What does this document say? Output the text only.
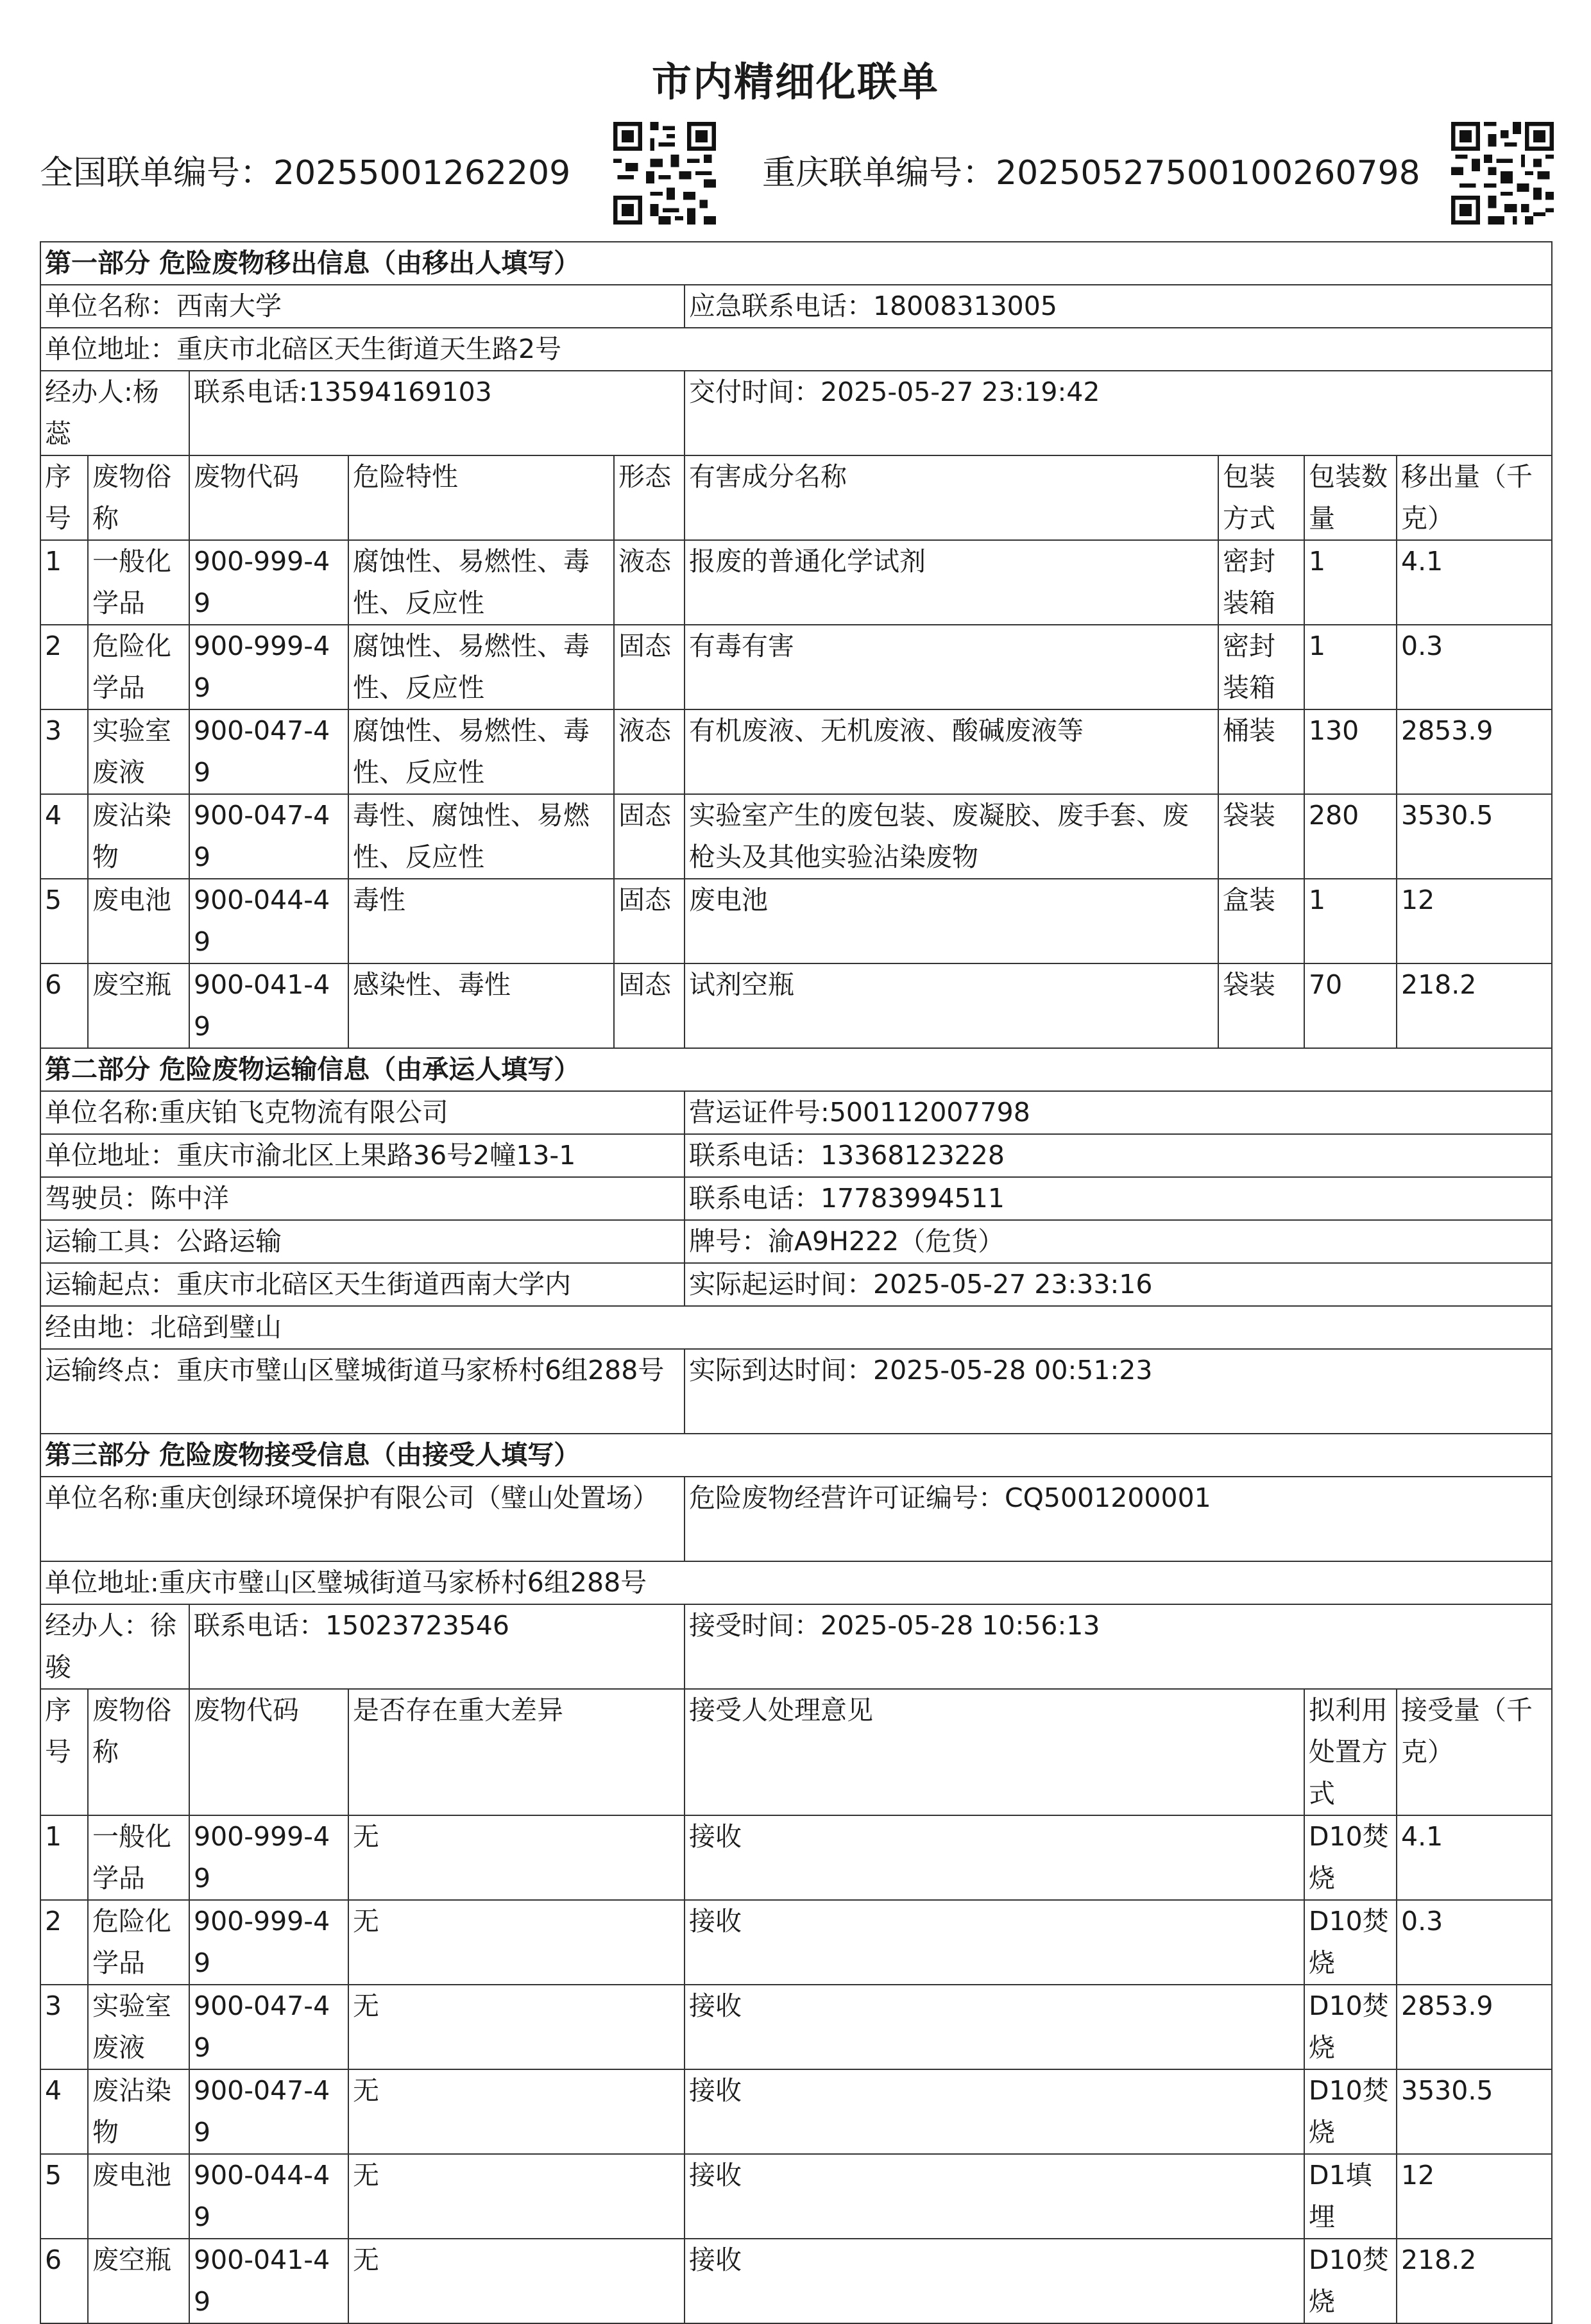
市内精细化联单
全国联单编号：20255001262209	重庆联单编号：20250527500100260798
第一部分 危险废物移出信息（由移出人填写）								
单位名称：西南大学					应急联系电话：18008313005			
单位地址：重庆市北碚区天生街道天生路2号								
经办人:杨蕊		联系电话:13594169103			交付时间：2025-05-27 23:19:42			
序号	废物俗称	废物代码	危险特性	形态	有害成分名称	包装方式	包装数量	移出量（千克）
1	一般化学品	900-999-49	腐蚀性、易燃性、毒性、反应性	液态	报废的普通化学试剂	密封装箱	1	4.1
2	危险化学品	900-999-49	腐蚀性、易燃性、毒性、反应性	固态	有毒有害	密封装箱	1	0.3
3	实验室废液	900-047-49	腐蚀性、易燃性、毒性、反应性	液态	有机废液、无机废液、酸碱废液等	桶装	130	2853.9
4	废沾染物	900-047-49	毒性、腐蚀性、易燃性、反应性	固态	实验室产生的废包装、废凝胶、废手套、废枪头及其他实验沾染废物	袋装	280	3530.5
5	废电池	900-044-49	毒性	固态	废电池	盒装	1	12
6	废空瓶	900-041-49	感染性、毒性	固态	试剂空瓶	袋装	70	218.2
第二部分 危险废物运输信息（由承运人填写）								
单位名称:重庆铂飞克物流有限公司					营运证件号:500112007798			
单位地址：重庆市渝北区上果路36号2幢13-1					联系电话：13368123228			
驾驶员：陈中洋					联系电话：17783994511			
运输工具：公路运输					牌号：渝A9H222（危货）			
运输起点：重庆市北碚区天生街道西南大学内					实际起运时间：2025-05-27 23:33:16			
经由地：北碚到璧山								
运输终点：重庆市璧山区璧城街道马家桥村6组288号					实际到达时间：2025-05-28 00:51:23			
第三部分 危险废物接受信息（由接受人填写）								
单位名称:重庆创绿环境保护有限公司（璧山处置场）					危险废物经营许可证编号：CQ5001200001			
单位地址:重庆市璧山区璧城街道马家桥村6组288号								
经办人：徐骏		联系电话：15023723546			接受时间：2025-05-28 10:56:13			
序号	废物俗称	废物代码	是否存在重大差异		接受人处理意见		拟利用处置方式	接受量（千克）
1	一般化学品	900-999-49	无		接收		D10焚烧	4.1
2	危险化学品	900-999-49	无		接收		D10焚烧	0.3
3	实验室废液	900-047-49	无		接收		D10焚烧	2853.9
4	废沾染物	900-047-49	无		接收		D10焚烧	3530.5
5	废电池	900-044-49	无		接收		D1填埋	12
6	废空瓶	900-041-49	无		接收		D10焚烧	218.2
